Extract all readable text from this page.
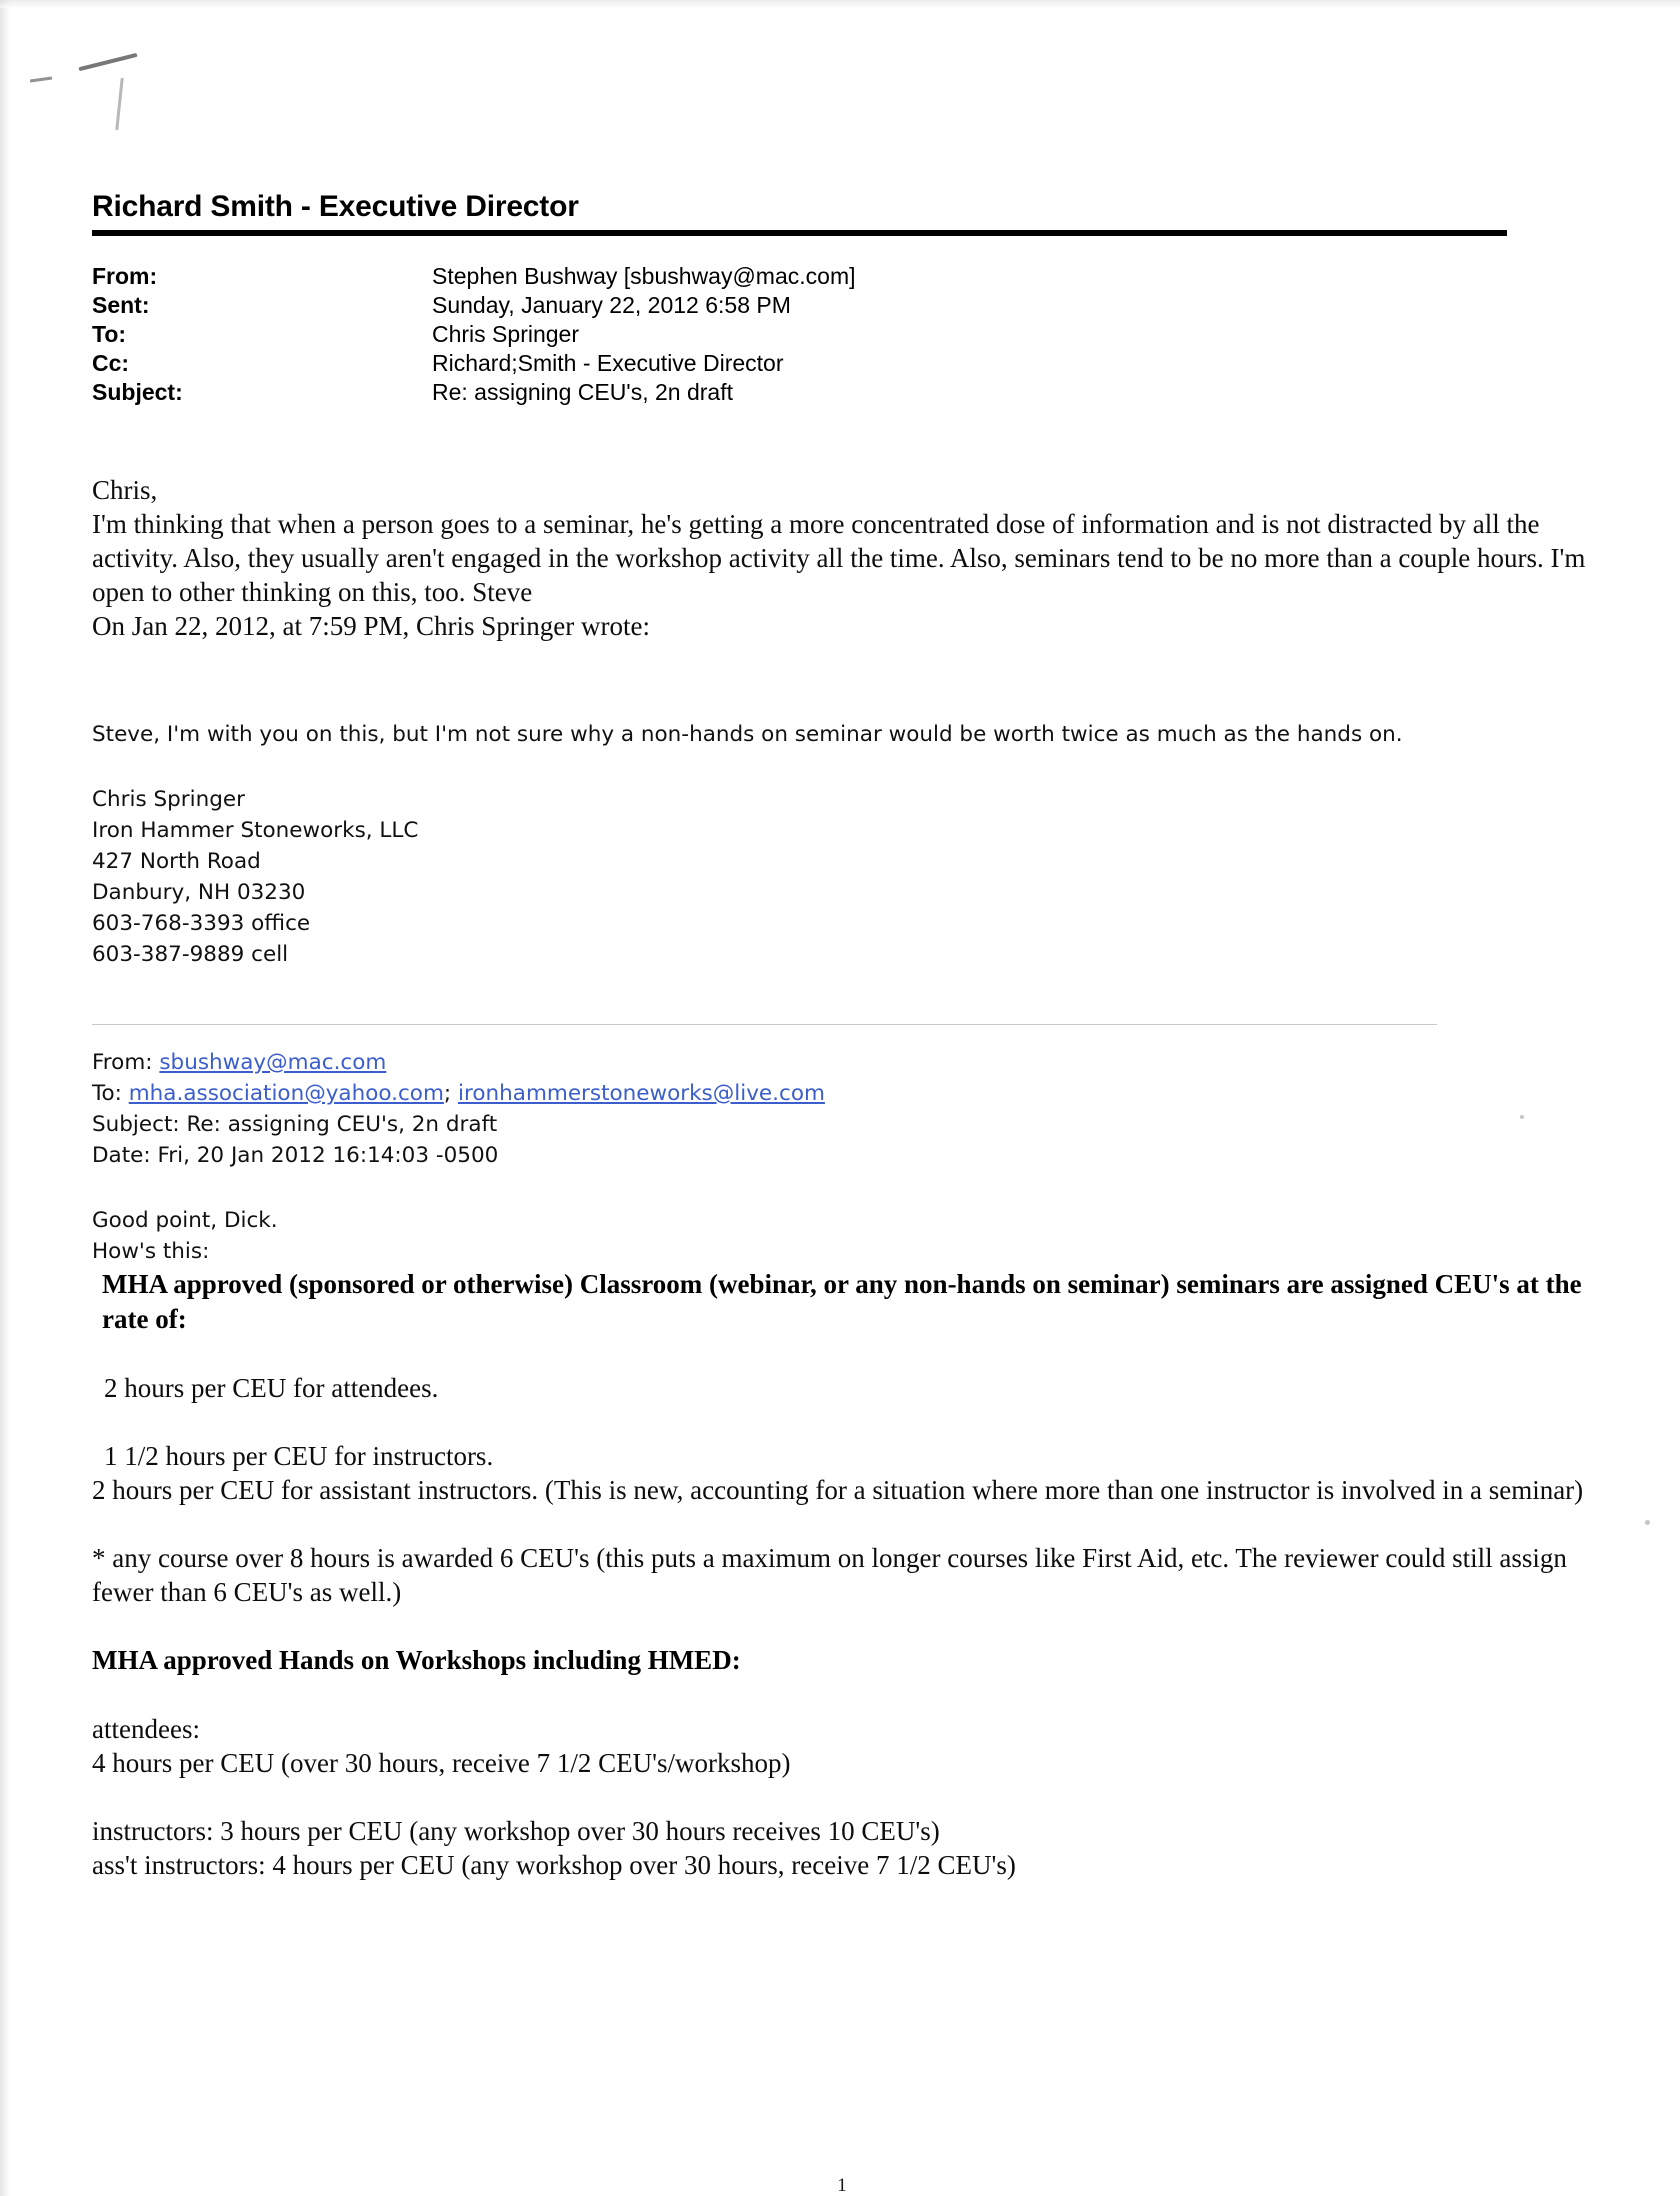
Richard Smith - Executive Director
From:	Stephen Bushway [sbushway@mac.com]
Sent:	Sunday, January 22, 2012 6:58 PM
To:	Chris Springer
Cc:	Richard;Smith - Executive Director
Subject:	Re: assigning CEU's, 2n draft

Chris,

I'm thinking that when a person goes to a seminar, he's getting a more concentrated dose of information and is not distracted by all the activity. Also, they usually aren't engaged in the workshop activity all the time. Also, seminars tend to be no more than a couple hours. I'm open to other thinking on this, too. Steve

On Jan 22, 2012, at 7:59 PM, Chris Springer wrote:

Steve, I'm with you on this, but I'm not sure why a non-hands on seminar would be worth twice as much as the hands on.

Chris Springer

Iron Hammer Stoneworks, LLC

427 North Road

Danbury, NH 03230

603-768-3393 office

603-387-9889 cell

From: sbushway@mac.com

To: mha.association@yahoo.com; ironhammerstoneworks@live.com

Subject: Re: assigning CEU's, 2n draft

Date: Fri, 20 Jan 2012 16:14:03 -0500

Good point, Dick.

How's this:

MHA approved (sponsored or otherwise) Classroom (webinar, or any non-hands on seminar) seminars are assigned CEU's at the rate of:
2 hours per CEU for attendees.
1 1/2 hours per CEU for instructors.
2 hours per CEU for assistant instructors. (This is new, accounting for a situation where more than one instructor is involved in a seminar)
* any course over 8 hours is awarded 6 CEU's (this puts a maximum on longer courses like First Aid, etc. The reviewer could still assign fewer than 6 CEU's as well.)
MHA approved Hands on Workshops including HMED:
attendees:
4 hours per CEU (over 30 hours, receive 7 1/2 CEU's/workshop)
instructors: 3 hours per CEU (any workshop over 30 hours receives 10 CEU's)
ass't instructors: 4 hours per CEU (any workshop over 30 hours, receive 7 1/2 CEU's)
1
